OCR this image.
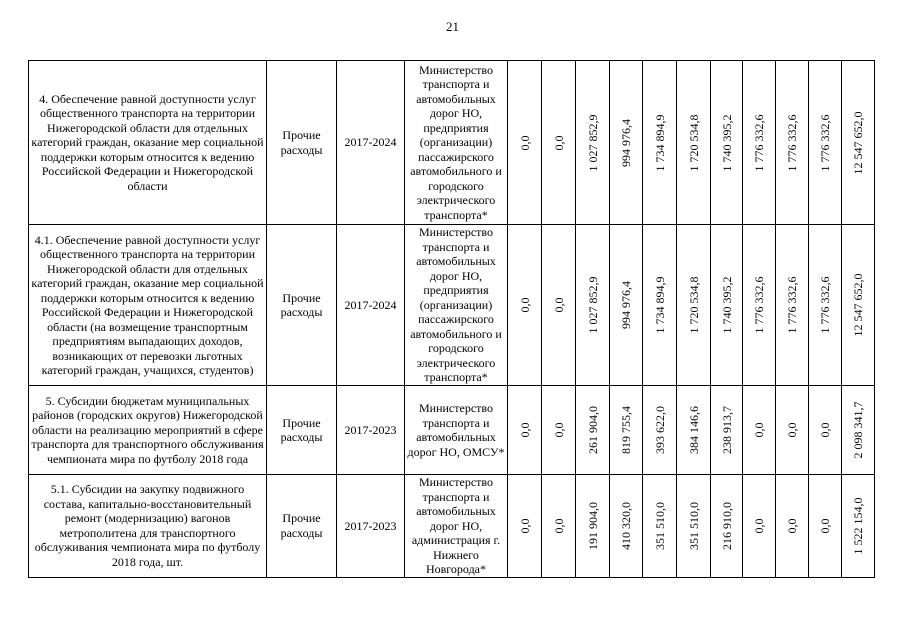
21
4. Обеспечение равной доступности услуг общественного транспорта на территории Нижегородской области для отдельных категорий граждан, оказание мер социальной поддержки которым относится к ведению Российской Федерации и Нижегородской области	Прочие расходы	2017-2024	Министерство транспорта и автомобильных дорог НО, предприятия (организации) пассажирского автомобильного и городского электрического транспорта*	0,0	0,0	1 027 852,9	994 976,4	1 734 894,9	1 720 534,8	1 740 395,2	1 776 332,6	1 776 332,6	1 776 332,6	12 547 652,0

4.1. Обеспечение равной доступности услуг общественного транспорта на территории Нижегородской области для отдельных категорий граждан, оказание мер социальной поддержки которым относится к ведению Российской Федерации и Нижегородской области (на возмещение транспортным предприятиям выпадающих доходов, возникающих от перевозки льготных категорий граждан, учащихся, студентов)	Прочие расходы	2017-2024	Министерство транспорта и автомобильных дорог НО, предприятия (организации) пассажирского автомобильного и городского электрического транспорта*	0,0	0,0	1 027 852,9	994 976,4	1 734 894,9	1 720 534,8	1 740 395,2	1 776 332,6	1 776 332,6	1 776 332,6	12 547 652,0

5. Субсидии бюджетам муниципальных районов (городских округов) Нижегородской области на реализацию мероприятий в сфере транспорта для транспортного обслуживания чемпионата мира по футболу 2018 года	Прочие расходы	2017-2023	Министерство транспорта и автомобильных дорог НО, ОМСУ*	0,0	0,0	261 904,0	819 755,4	393 622,0	384 146,6	238 913,7	0,0	0,0	0,0	2 098 341,7

5.1. Субсидии на закупку подвижного состава, капитально-восстановительный ремонт (модернизацию) вагонов метрополитена для транспортного обслуживания чемпионата мира по футболу 2018 года, шт.	Прочие расходы	2017-2023	Министерство транспорта и автомобильных дорог НО, администрация г. Нижнего Новгорода*	0,0	0,0	191 904,0	410 320,0	351 510,0	351 510,0	216 910,0	0,0	0,0	0,0	1 522 154,0
